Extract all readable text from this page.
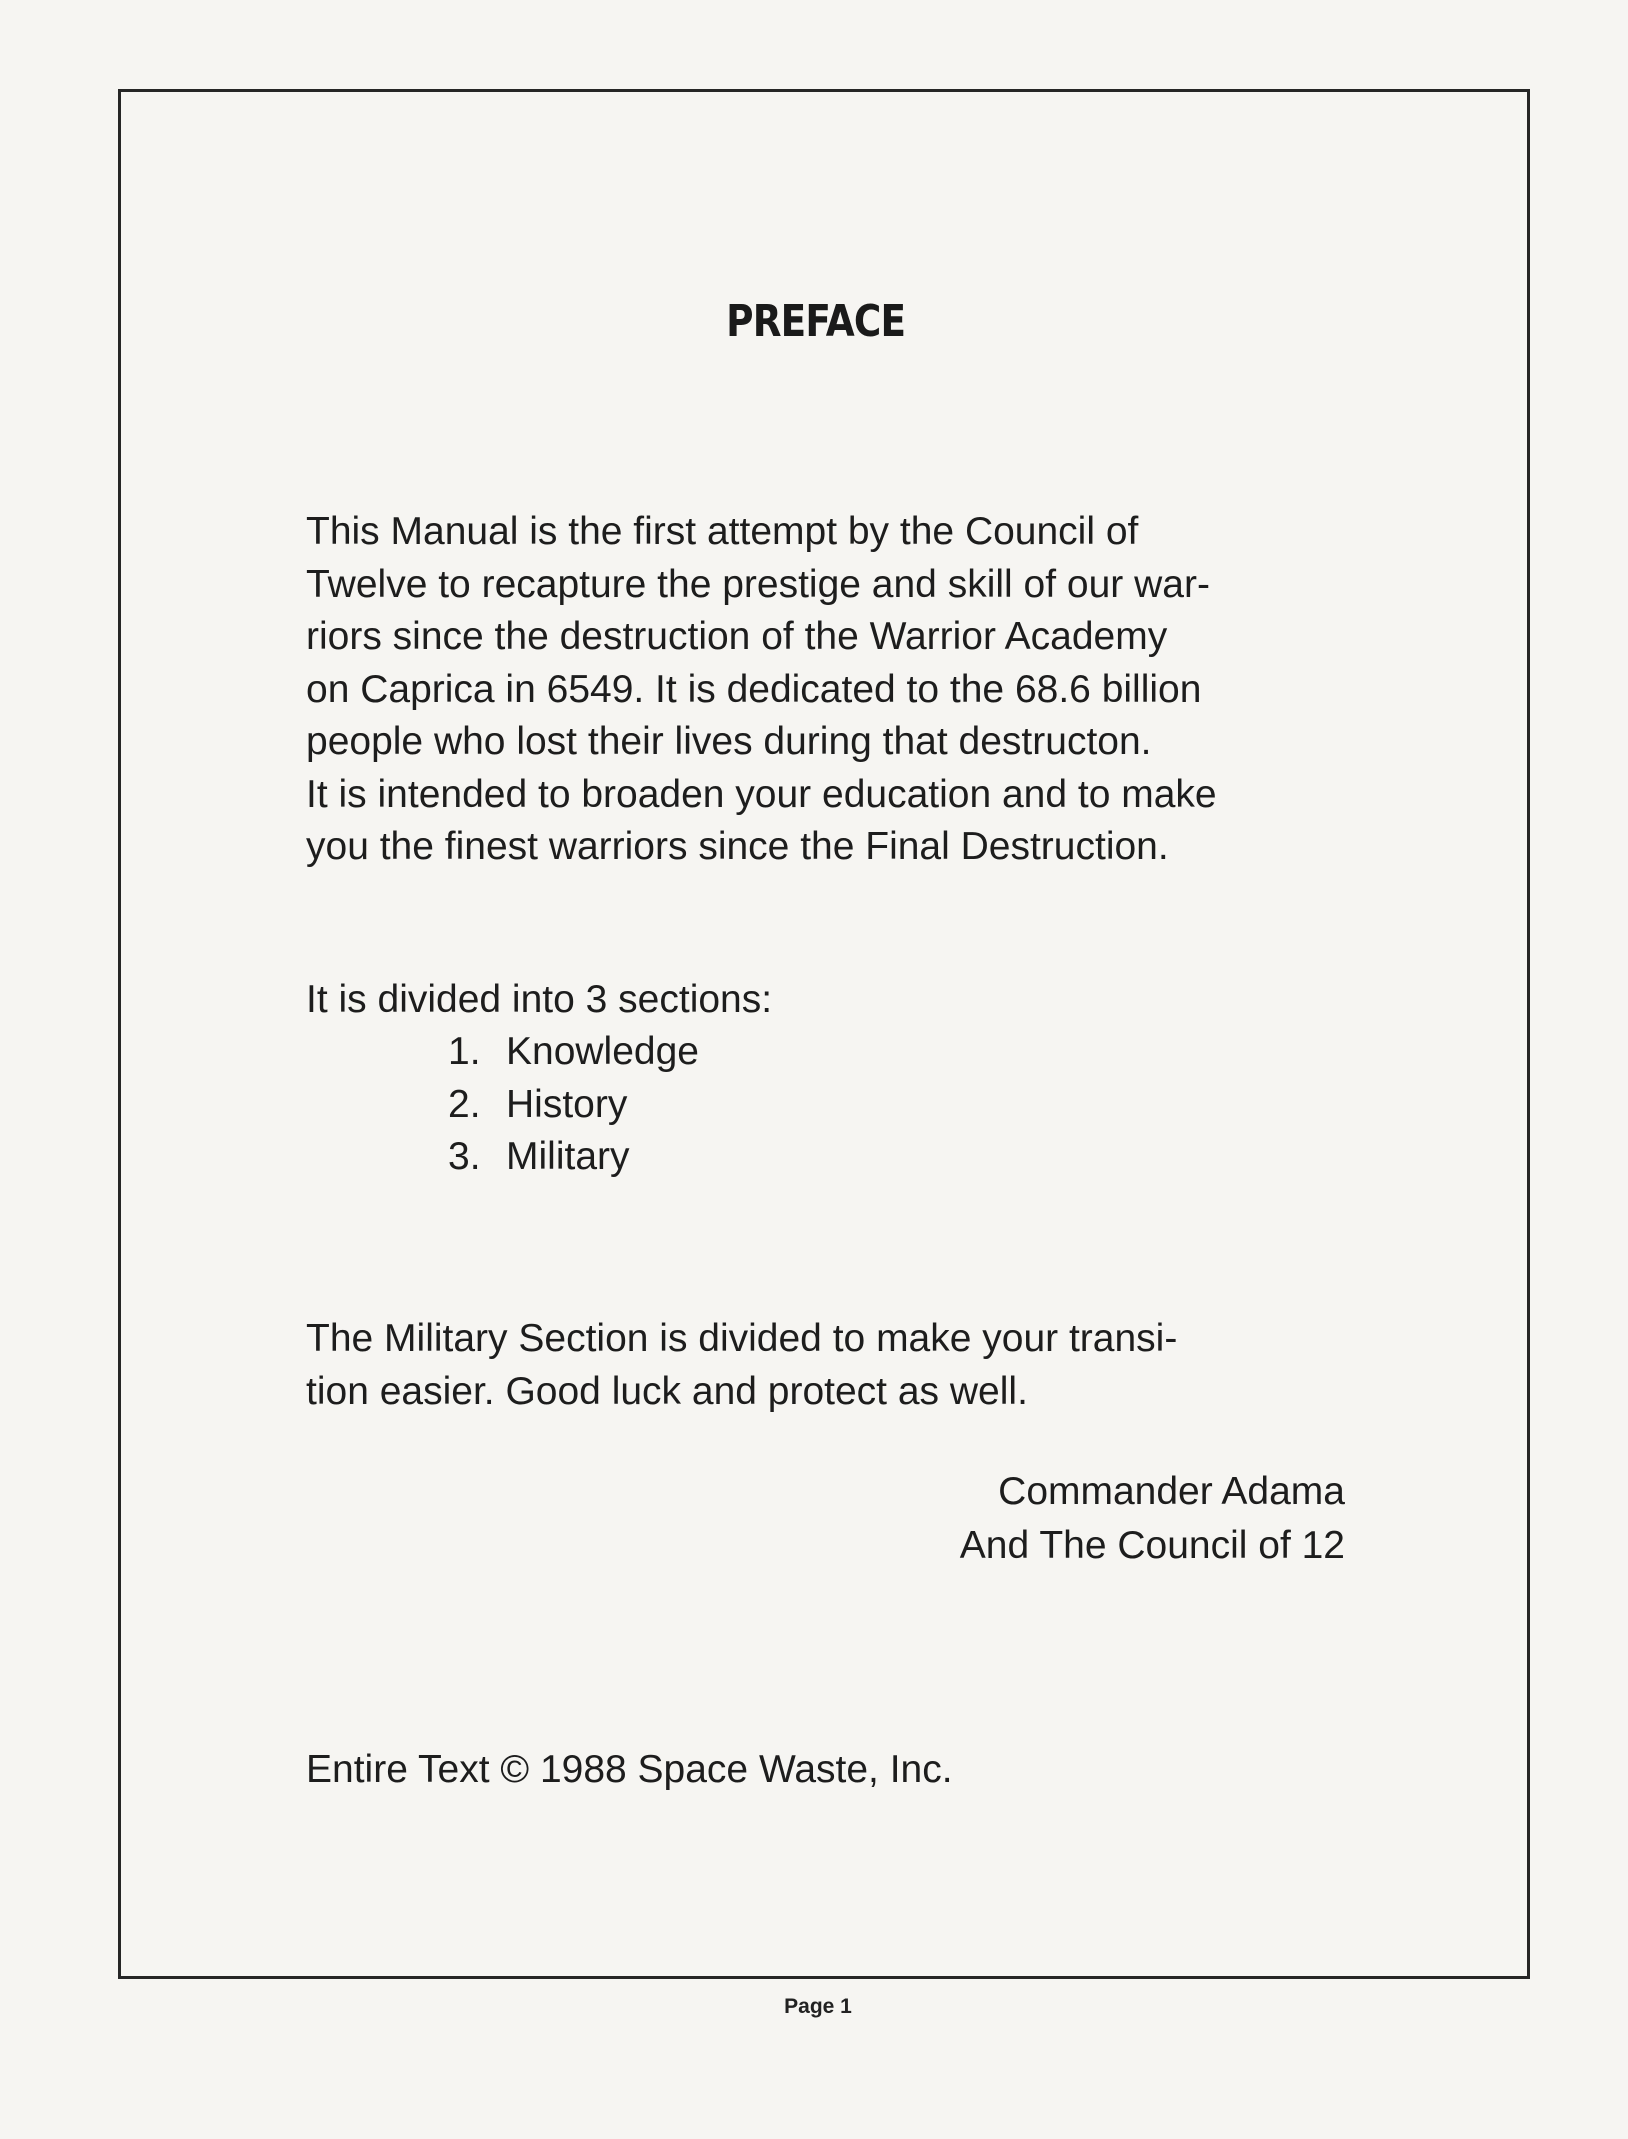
PREFACE
This Manual is the first attempt by the Council of
Twelve to recapture the prestige and skill of our war-
riors since the destruction of the Warrior Academy
on Caprica in 6549. It is dedicated to the 68.6 billion
people who lost their lives during that destructon.
It is intended to broaden your education and to make
you the finest warriors since the Final Destruction.
It is divided into 3 sections:
1. Knowledge
2. History
3. Military
The Military Section is divided to make your transi-
tion easier. Good luck and protect as well.
Commander Adama
And The Council of 12
Entire Text © 1988 Space Waste, Inc.
Page 1
